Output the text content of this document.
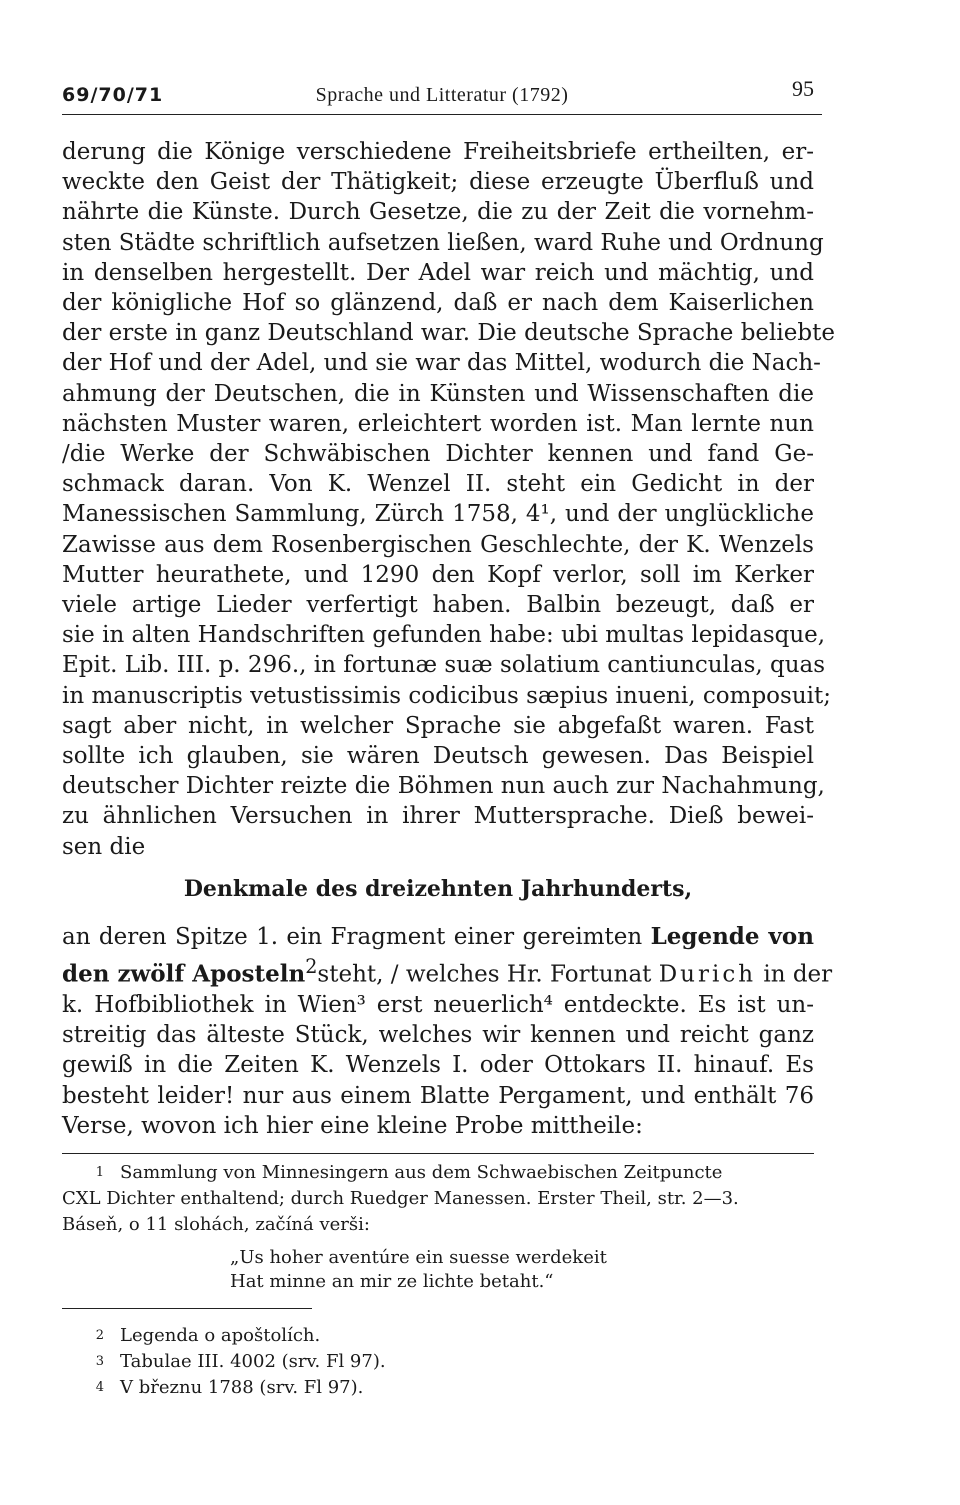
69/70/71	Sprache und Litteratur (1792)	95
derung die Könige verschiedene Freiheitsbriefe ertheilten, er-
weckte den Geist der Thätigkeit; diese erzeugte Überfluß und
nährte die Künste. Durch Gesetze, die zu der Zeit die vornehm-
sten Städte schriftlich aufsetzen ließen, ward Ruhe und Ordnung
in denselben hergestellt. Der Adel war reich und mächtig, und
der königliche Hof so glänzend, daß er nach dem Kaiserlichen
der erste in ganz Deutschland war. Die deutsche Sprache beliebte
der Hof und der Adel, und sie war das Mittel, wodurch die Nach-
ahmung der Deutschen, die in Künsten und Wissenschaften die
nächsten Muster waren, erleichtert worden ist. Man lernte nun
/die Werke der Schwäbischen Dichter kennen und fand Ge-
schmack daran. Von K. Wenzel II. steht ein Gedicht in der
Manessischen Sammlung, Zürch 1758, 4¹, und der unglückliche
Zawisse aus dem Rosenbergischen Geschlechte, der K. Wenzels
Mutter heurathete, und 1290 den Kopf verlor, soll im Kerker
viele artige Lieder verfertigt haben. Balbin bezeugt, daß er
sie in alten Handschriften gefunden habe: ubi multas lepidasque,
Epit. Lib. III. p. 296., in fortunæ suæ solatium cantiunculas, quas
in manuscriptis vetustissimis codicibus sæpius inueni, composuit;
sagt aber nicht, in welcher Sprache sie abgefaßt waren. Fast
sollte ich glauben, sie wären Deutsch gewesen. Das Beispiel
deutscher Dichter reizte die Böhmen nun auch zur Nachahmung,
zu ähnlichen Versuchen in ihrer Muttersprache. Dieß bewei-
sen die
Denkmale des dreizehnten Jahrhunderts,
an deren Spitze 1. ein Fragment einer gereimten Legende von
den zwölf Aposteln$^2$steht, / welches Hr. Fortunat Durich in der
k. Hofbibliothek in Wien³ erst neuerlich⁴ entdeckte. Es ist un-
streitig das älteste Stück, welches wir kennen und reicht ganz
gewiß in die Zeiten K. Wenzels I. oder Ottokars II. hinauf. Es
besteht leider! nur aus einem Blatte Pergament, und enthält 76
Verse, wovon ich hier eine kleine Probe mittheile:
1 Sammlung von Minnesingern aus dem Schwaebischen Zeitpuncte
CXL Dichter enthaltend; durch Ruedger Manessen. Erster Theil, str. 2—3.
Báseň, o 11 slohách, začíná verši:
„Us hoher aventúre ein suesse werdekeit
Hat minne an mir ze lichte betaht.“
2 Legenda o apoštolích.
3 Tabulae III. 4002 (srv. Fl 97).
4 V březnu 1788 (srv. Fl 97).
